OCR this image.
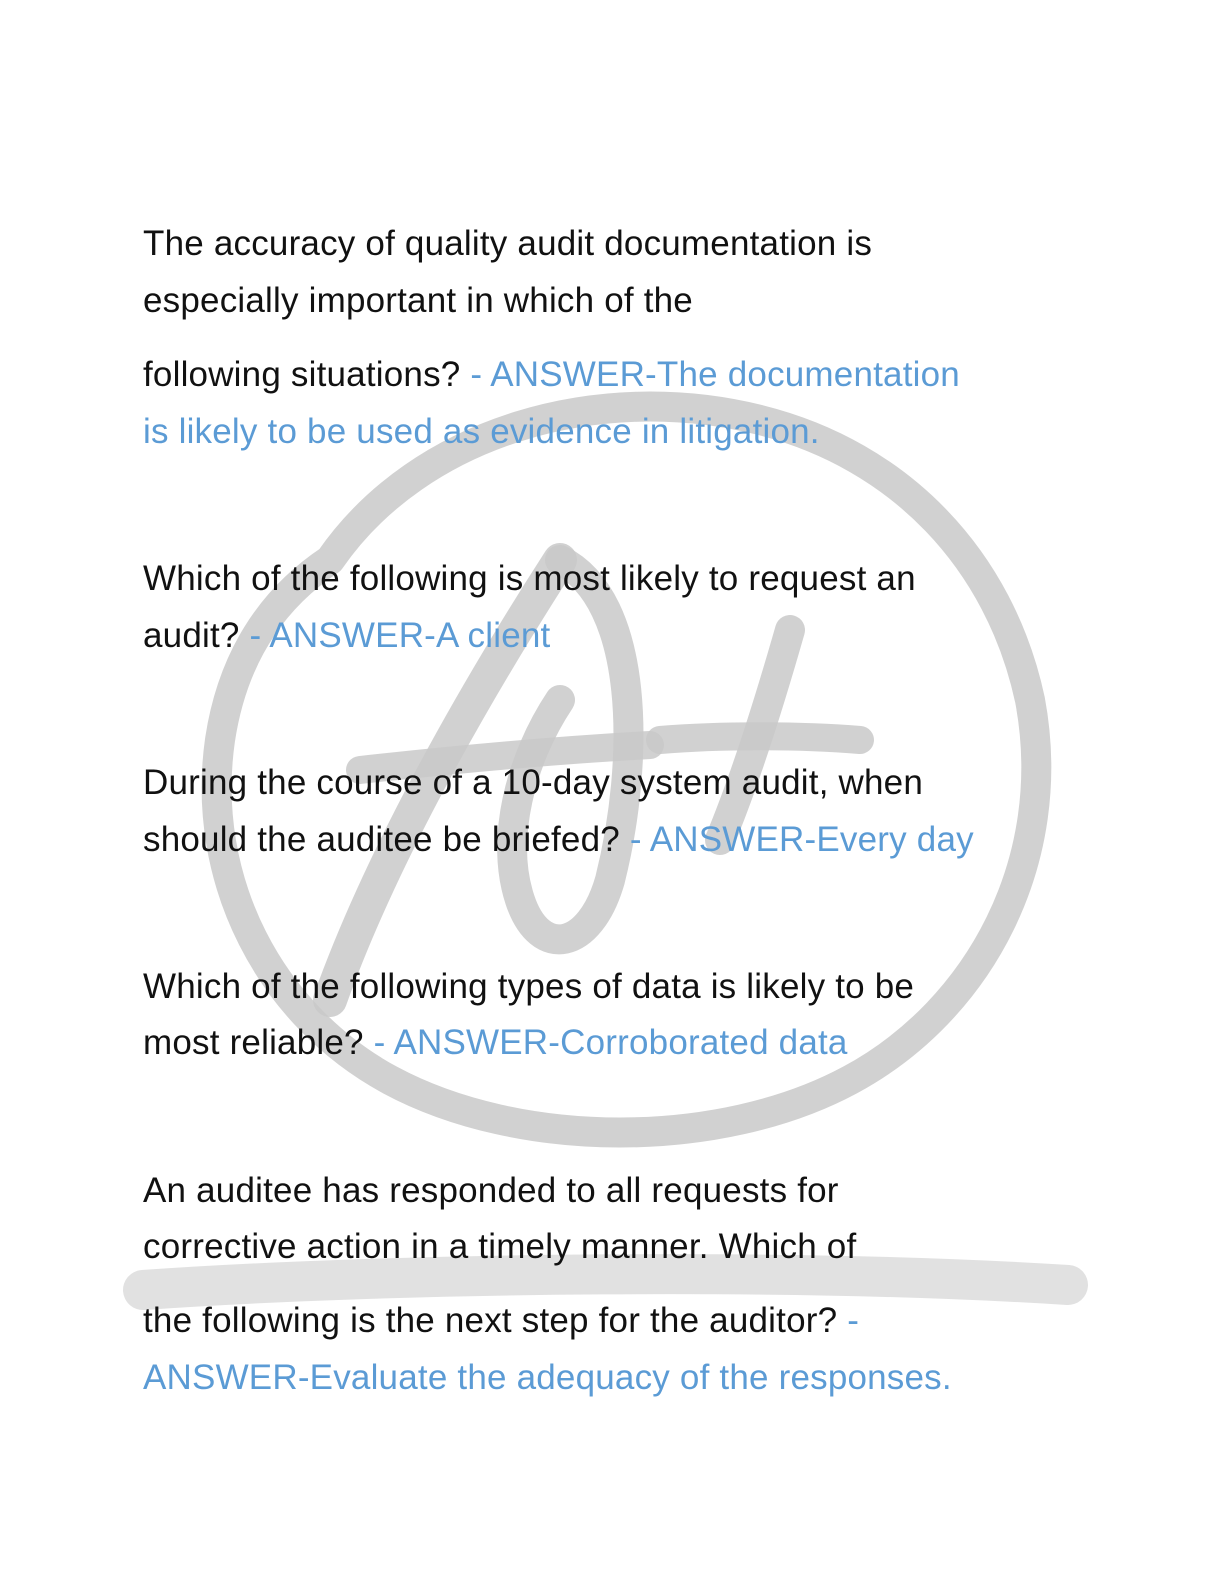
The accuracy of quality audit documentation is
especially important in which of the
following situations? - ANSWER-The documentation
is likely to be used as evidence in litigation.
Which of the following is most likely to request an
audit? - ANSWER-A client
During the course of a 10-day system audit, when
should the auditee be briefed? - ANSWER-Every day
Which of the following types of data is likely to be
most reliable? - ANSWER-Corroborated data
An auditee has responded to all requests for
corrective action in a timely manner. Which of
the following is the next step for the auditor? -
ANSWER-Evaluate the adequacy of the responses.
